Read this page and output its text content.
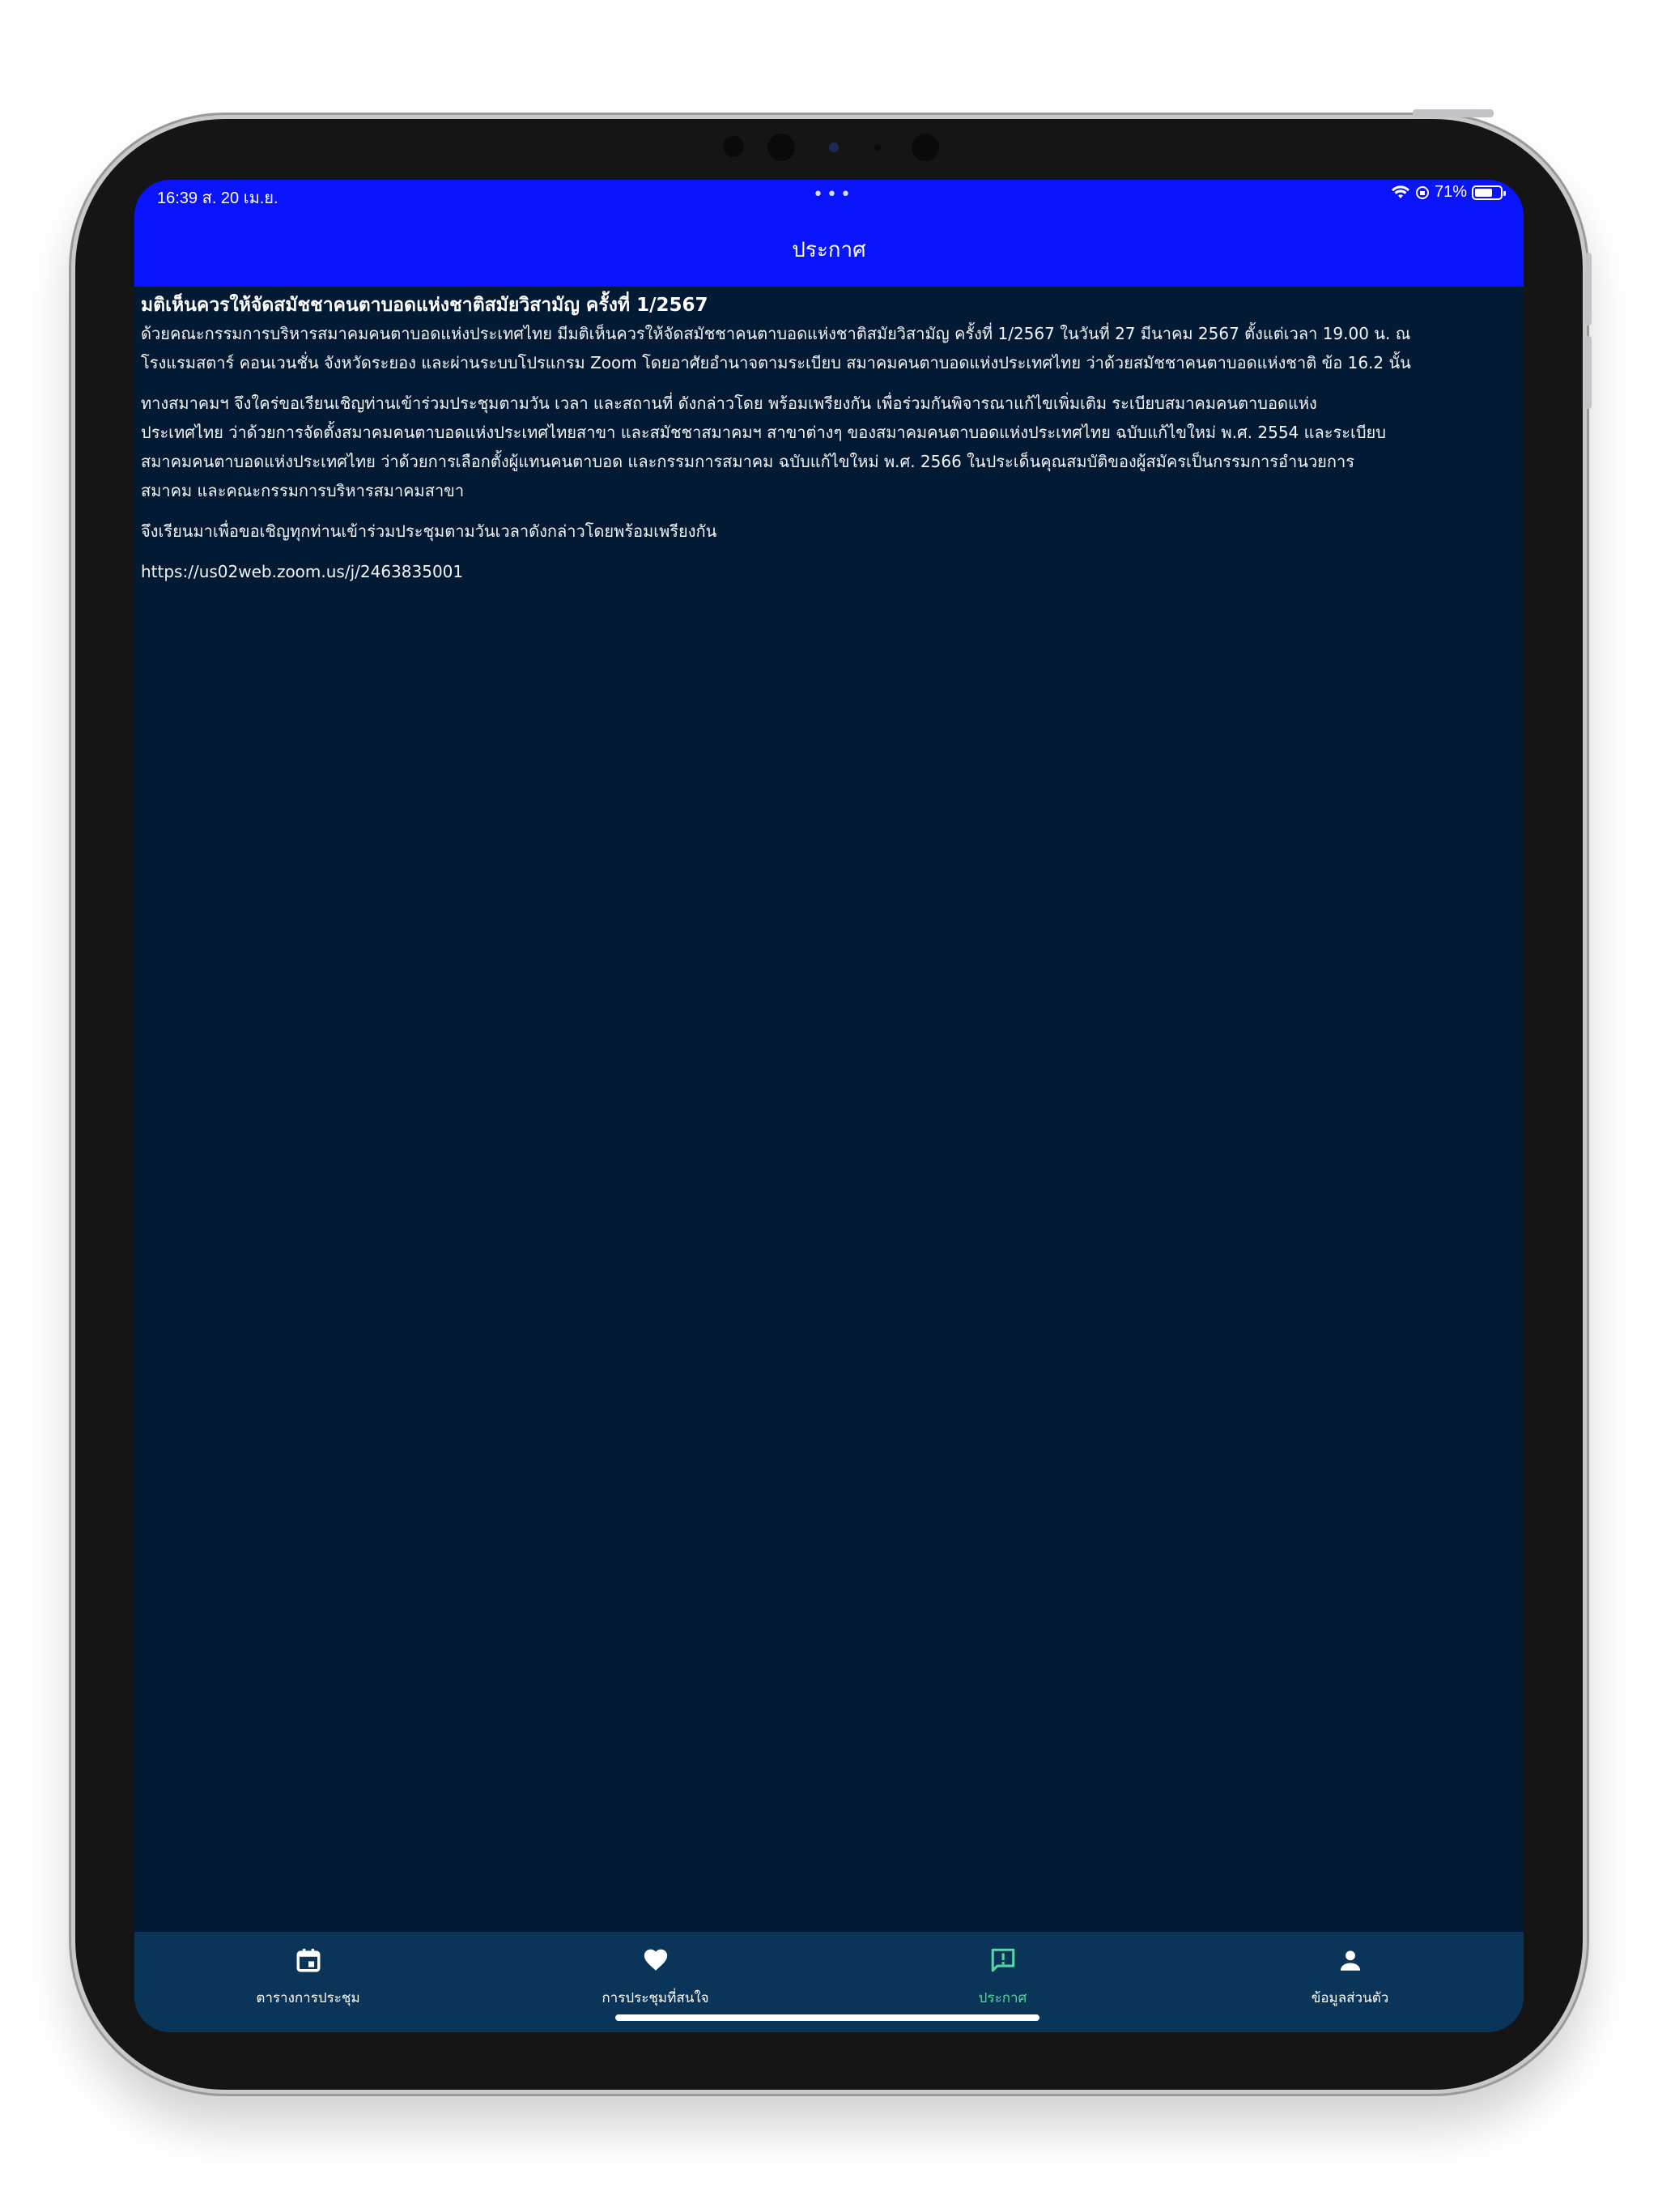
16:39 ส. 20 เม.ย.	•••	71%
ประกาศ
มติเห็นควรให้จัดสมัชชาคนตาบอดแห่งชาติสมัยวิสามัญ ครั้งที่ 1/2567
ด้วยคณะกรรมการบริหารสมาคมคนตาบอดแห่งประเทศไทย มีมติเห็นควรให้จัดสมัชชาคนตาบอดแห่งชาติสมัยวิสามัญ ครั้งที่ 1/2567 ในวันที่ 27 มีนาคม 2567 ตั้งแต่เวลา 19.00 น. ณ
โรงแรมสตาร์ คอนเวนชั่น จังหวัดระยอง และผ่านระบบโปรแกรม Zoom โดยอาศัยอำนาจตามระเบียบ สมาคมคนตาบอดแห่งประเทศไทย ว่าด้วยสมัชชาคนตาบอดแห่งชาติ ข้อ 16.2 นั้น
ทางสมาคมฯ จึงใคร่ขอเรียนเชิญท่านเข้าร่วมประชุมตามวัน เวลา และสถานที่ ดังกล่าวโดย พร้อมเพรียงกัน เพื่อร่วมกันพิจารณาแก้ไขเพิ่มเติม ระเบียบสมาคมคนตาบอดแห่ง
ประเทศไทย ว่าด้วยการจัดตั้งสมาคมคนตาบอดแห่งประเทศไทยสาขา และสมัชชาสมาคมฯ สาขาต่างๆ ของสมาคมคนตาบอดแห่งประเทศไทย ฉบับแก้ไขใหม่ พ.ศ. 2554 และระเบียบ
สมาคมคนตาบอดแห่งประเทศไทย ว่าด้วยการเลือกตั้งผู้แทนคนตาบอด และกรรมการสมาคม ฉบับแก้ไขใหม่ พ.ศ. 2566 ในประเด็นคุณสมบัติของผู้สมัครเป็นกรรมการอำนวยการ
สมาคม และคณะกรรมการบริหารสมาคมสาขา
จึงเรียนมาเพื่อขอเชิญทุกท่านเข้าร่วมประชุมตามวันเวลาดังกล่าวโดยพร้อมเพรียงกัน
https://us02web.zoom.us/j/2463835001
ตารางการประชุม	การประชุมที่สนใจ	ประกาศ	ข้อมูลส่วนตัว
